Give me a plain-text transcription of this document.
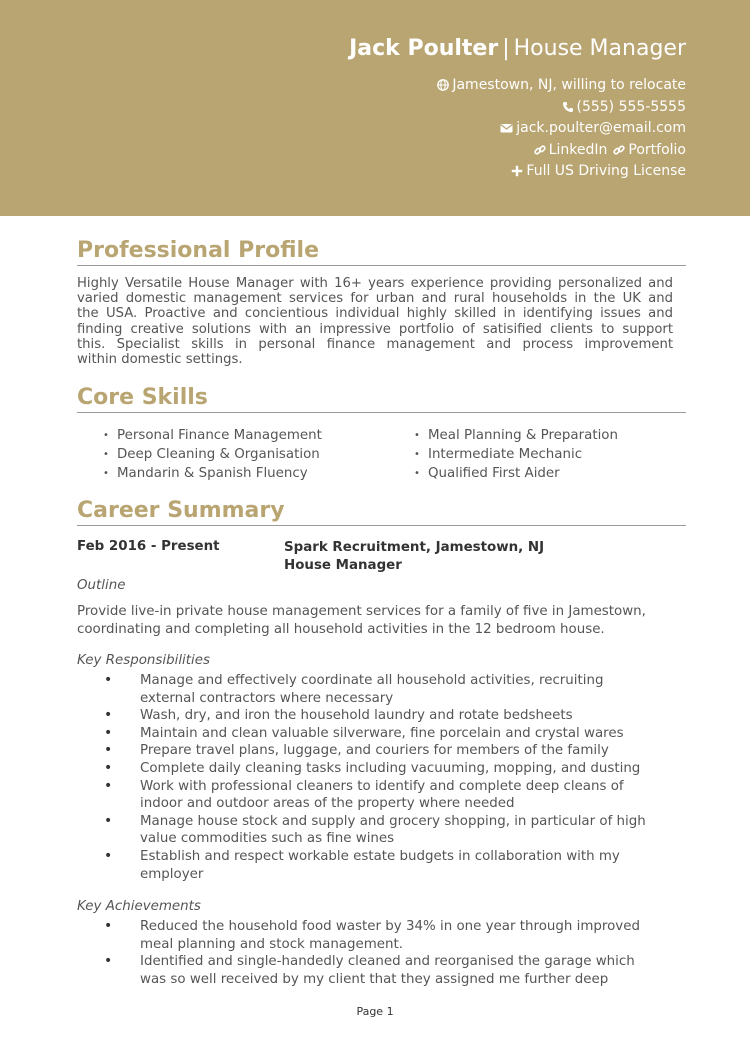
Jack Poulter | House Manager
Jamestown, NJ, willing to relocate
(555) 555-5555
jack.poulter@email.com
LinkedIn Portfolio
Full US Driving License
Professional Profile
Highly Versatile House Manager with 16+ years experience providing personalized and
varied domestic management services for urban and rural households in the UK and
the USA. Proactive and concientious individual highly skilled in identifying issues and
finding creative solutions with an impressive portfolio of satisified clients to support
this. Specialist skills in personal finance management and process improvement
within domestic settings.
Core Skills
• Personal Finance Management
• Deep Cleaning & Organisation
• Mandarin & Spanish Fluency
• Meal Planning & Preparation
• Intermediate Mechanic
• Qualified First Aider
Career Summary
Feb 2016 - Present	Spark Recruitment, Jamestown, NJ
House Manager
Outline
Provide live-in private house management services for a family of five in Jamestown,
coordinating and completing all household activities in the 12 bedroom house.
Key Responsibilities
• Manage and effectively coordinate all household activities, recruiting
external contractors where necessary
• Wash, dry, and iron the household laundry and rotate bedsheets
• Maintain and clean valuable silverware, fine porcelain and crystal wares
• Prepare travel plans, luggage, and couriers for members of the family
• Complete daily cleaning tasks including vacuuming, mopping, and dusting
• Work with professional cleaners to identify and complete deep cleans of
indoor and outdoor areas of the property where needed
• Manage house stock and supply and grocery shopping, in particular of high
value commodities such as fine wines
• Establish and respect workable estate budgets in collaboration with my
employer
Key Achievements
• Reduced the household food waster by 34% in one year through improved
meal planning and stock management.
• Identified and single-handedly cleaned and reorganised the garage which
was so well received by my client that they assigned me further deep
Page 1
